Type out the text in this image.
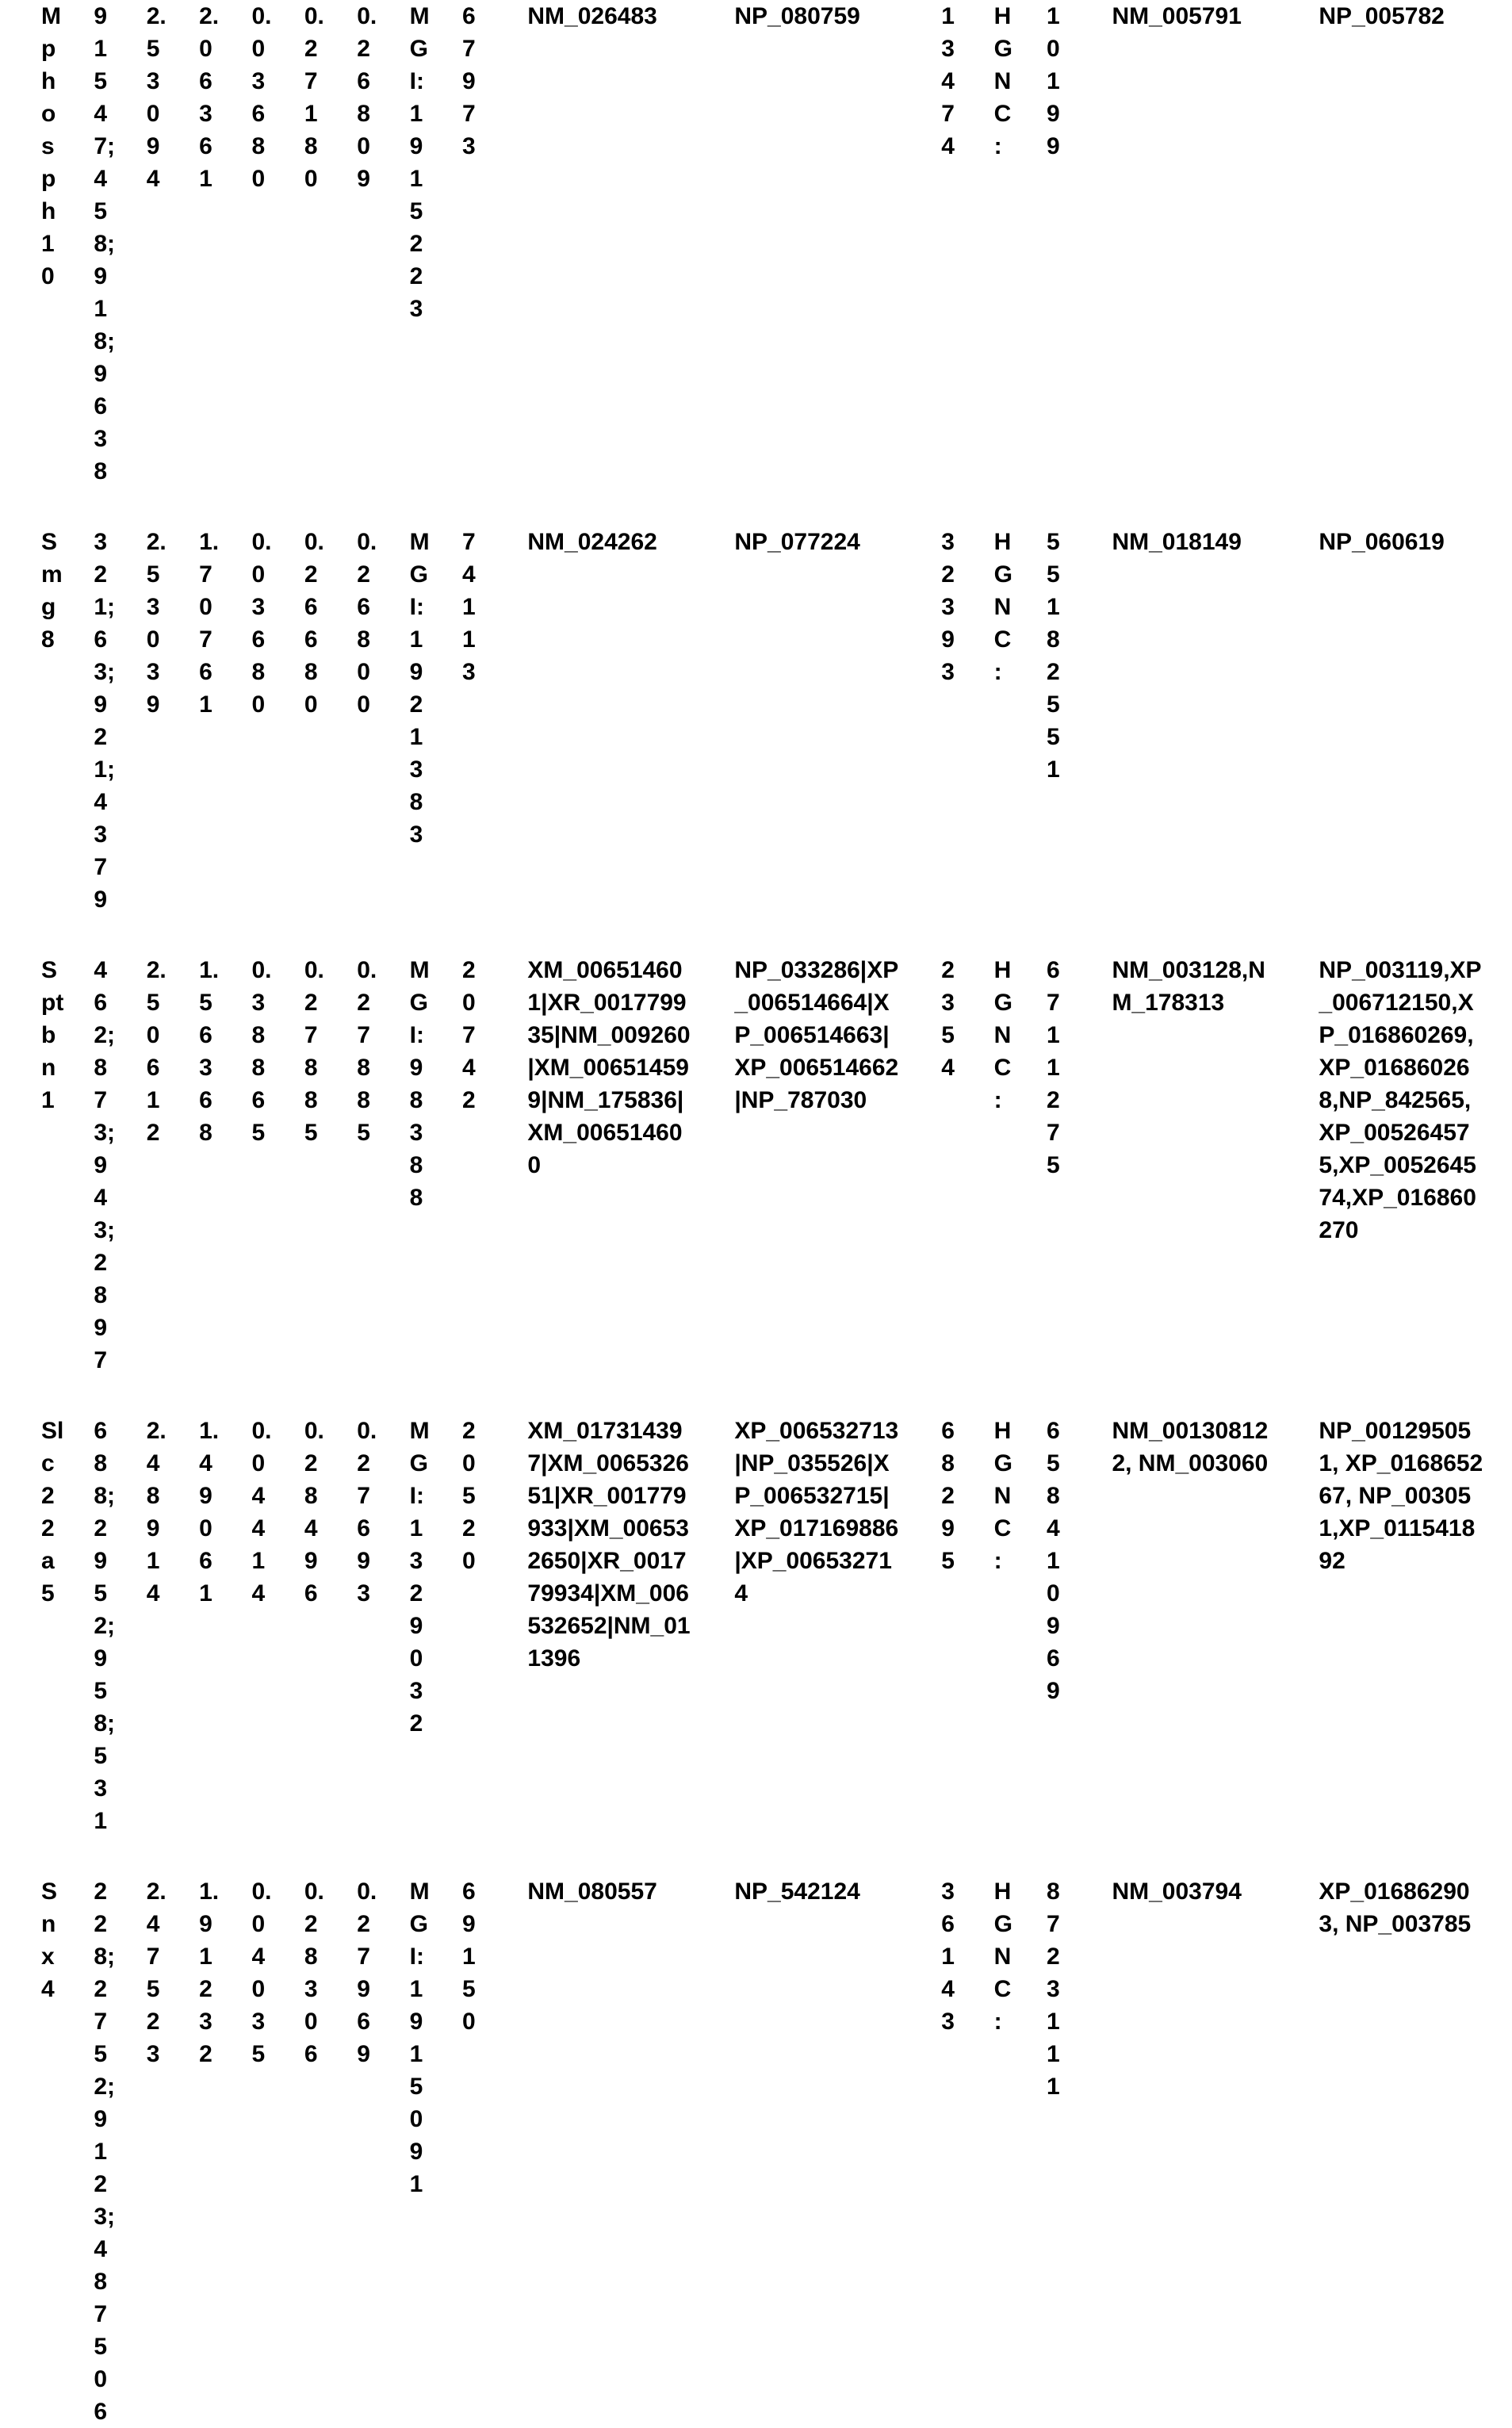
Mphosph10		91547;458;918;9638		2.53094		2.06361		0.03680		0.27180		0.26809		MGI:1915223		67973		NM_026483		NP_080759		13474		HGNC:		10199		NM_005791		NP_005782

Smg8		321;63;921;4379		2.53039		1.70761		0.03680		0.26680		0.26800		MGI:1921383		74113		NM_024262		NP_077224		32393		HGNC:		55182551		NM_018149		NP_060619

Sptbn1		462;873;943;2897		2.50612		1.56368		0.38865		0.27885		0.27885		MGI:98388		20742		XM_006514601|XR_001779935|NM_009260|XM_006514599|NM_175836|XM_006514600		NP_033286|XP_006514664|XP_006514663|XP_006514662|NP_787030		2354		HGNC:		6711275		NM_003128,NM_178313		NP_003119,XP_006712150,XP_016860269,XP_016860268,NP_842565,XP_005264575,XP_005264574,XP_016860270

Slc22a5		688;2952;958;531		2.48914		1.49061		0.04414		0.28496		0.27693		MGI:1329032		20520		XM_017314397|XM_006532651|XR_001779933|XM_006532650|XR_001779934|XM_006532652|NM_011396		XP_006532713|NP_035526|XP_006532715|XP_017169886|XP_006532714		68295		HGNC:		6584 10969		NM_001308122, NM_003060		NP_001295051, XP_016865267, NP_003051,XP_011541892

Snx4		228;2752;9123;487506		2.47523		1.91232		0.04035		0.28306		0.27969		MGI:1915091		69150		NM_080557		NP_542124		36143		HGNC:		8723111		NM_003794		XP_016862903, NP_003785
